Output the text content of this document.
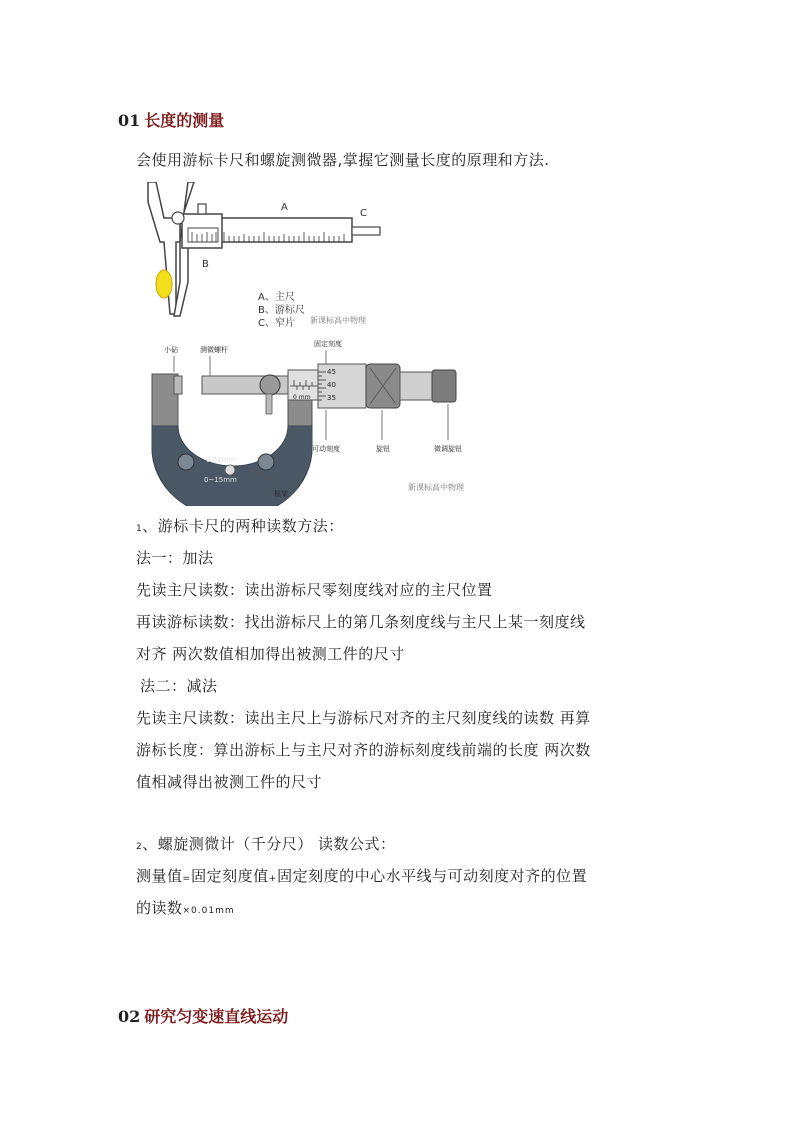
01 长度的测量
会使用游标卡尺和螺旋测微器,掌握它测量长度的原理和方法.
A
B
C
A、主尺
B、游标尺
C、窄片 新课标高中物理
小砧	测微螺杆
固定刻度
0.01mm
0~15mm
0 mm
45
40
35
可动刻度	旋钮	微调旋钮
框架
新课标高中物理
1、游标卡尺的两种读数方法：
法一：加法
先读主尺读数：读出游标尺零刻度线对应的主尺位置
再读游标读数：找出游标尺上的第几条刻度线与主尺上某一刻度线
对齐 两次数值相加得出被测工件的尺寸
法二：减法
先读主尺读数：读出主尺上与游标尺对齐的主尺刻度线的读数 再算
游标长度：算出游标上与主尺对齐的游标刻度线前端的长度 两次数
值相减得出被测工件的尺寸
2、螺旋测微计（千分尺） 读数公式：
测量值=固定刻度值+固定刻度的中心水平线与可动刻度对齐的位置
的读数×0.01mm
02 研究匀变速直线运动
